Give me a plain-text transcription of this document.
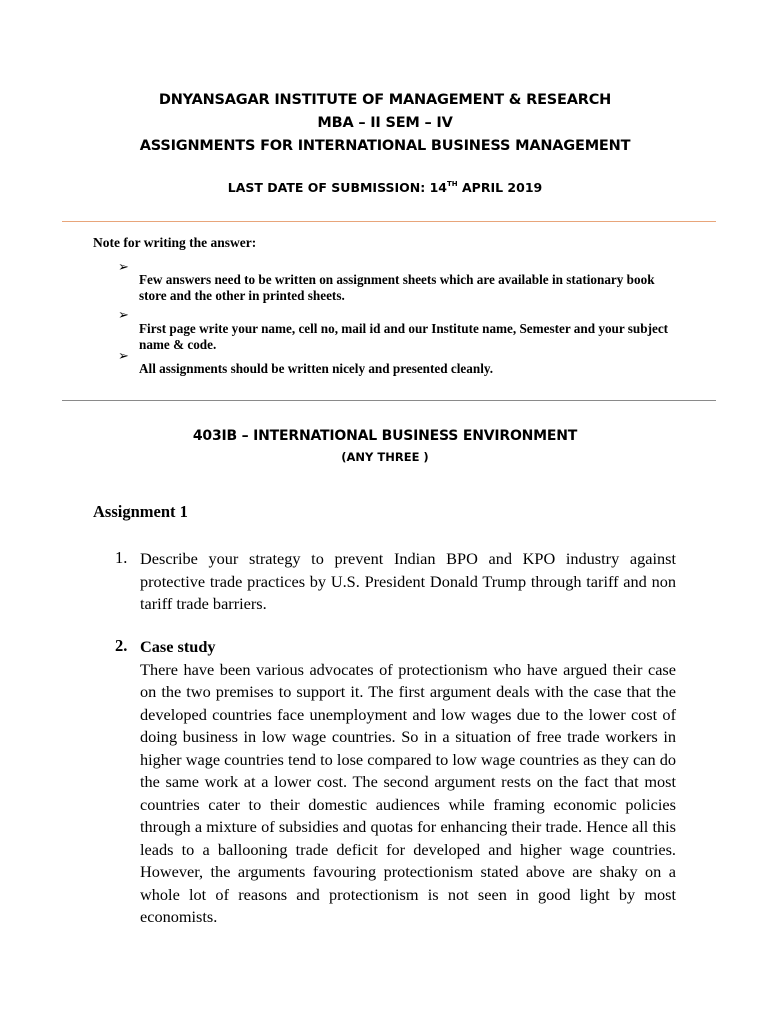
DNYANSAGAR INSTITUTE OF MANAGEMENT & RESEARCH
MBA – II SEM – IV
ASSIGNMENTS FOR INTERNATIONAL BUSINESS MANAGEMENT
LAST DATE OF SUBMISSION: 14TH APRIL 2019
Note for writing the answer:
➢
Few answers need to be written on assignment sheets which are available in stationary book store and the other in printed sheets.
➢
First page write your name, cell no, mail id and our Institute name, Semester and your subject name & code.
➢
All assignments should be written nicely and presented cleanly.
403IB – INTERNATIONAL BUSINESS ENVIRONMENT
(ANY THREE )
Assignment 1
1. Describe your strategy to prevent Indian BPO and KPO industry against protective trade practices by U.S. President Donald Trump through tariff and non tariff trade barriers.
2. Case study
There have been various advocates of protectionism who have argued their case on the two premises to support it. The first argument deals with the case that the developed countries face unemployment and low wages due to the lower cost of doing business in low wage countries. So in a situation of free trade workers in higher wage countries tend to lose compared to low wage countries as they can do the same work at a lower cost. The second argument rests on the fact that most countries cater to their domestic audiences while framing economic policies through a mixture of subsidies and quotas for enhancing their trade. Hence all this leads to a ballooning trade deficit for developed and higher wage countries. However, the arguments favouring protectionism stated above are shaky on a whole lot of reasons and protectionism is not seen in good light by most economists.
